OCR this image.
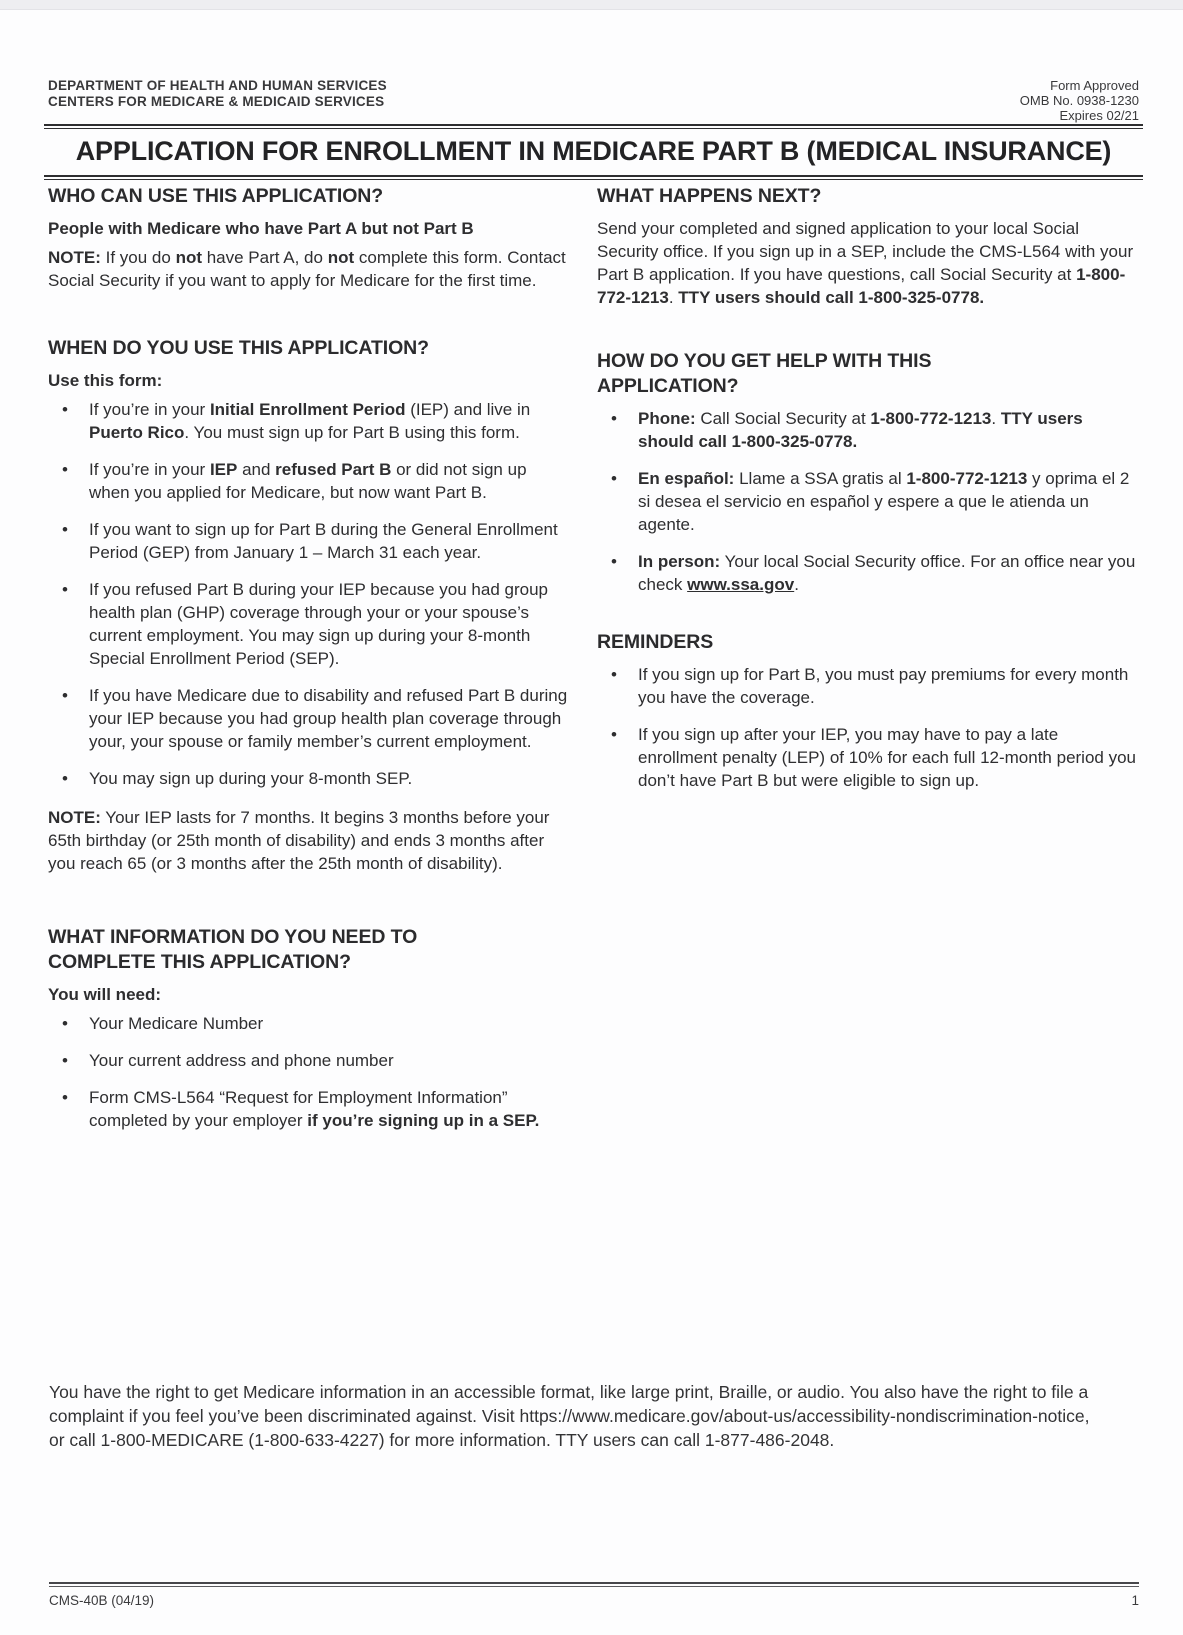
DEPARTMENT OF HEALTH AND HUMAN SERVICES
CENTERS FOR MEDICARE & MEDICAID SERVICES
Form Approved
OMB No. 0938-1230
Expires 02/21
APPLICATION FOR ENROLLMENT IN MEDICARE PART B (MEDICAL INSURANCE)
WHO CAN USE THIS APPLICATION?

People with Medicare who have Part A but not Part B

NOTE: If you do not have Part A, do not complete this form. Contact Social Security if you want to apply for Medicare for the first time.

WHEN DO YOU USE THIS APPLICATION?

Use this form:

• If you’re in your Initial Enrollment Period (IEP) and live in Puerto Rico. You must sign up for Part B using this form.
• If you’re in your IEP and refused Part B or did not sign up when you applied for Medicare, but now want Part B.
• If you want to sign up for Part B during the General Enrollment Period (GEP) from January 1 – March 31 each year.
• If you refused Part B during your IEP because you had group health plan (GHP) coverage through your or your spouse’s current employment. You may sign up during your 8-month Special Enrollment Period (SEP).
• If you have Medicare due to disability and refused Part B during your IEP because you had group health plan coverage through your, your spouse or family member’s current employment.
• You may sign up during your 8-month SEP.

NOTE: Your IEP lasts for 7 months. It begins 3 months before your 65th birthday (or 25th month of disability) and ends 3 months after you reach 65 (or 3 months after the 25th month of disability).

WHAT INFORMATION DO YOU NEED TO COMPLETE THIS APPLICATION?

You will need:

• Your Medicare Number
• Your current address and phone number
• Form CMS-L564 “Request for Employment Information” completed by your employer if you’re signing up in a SEP.
WHAT HAPPENS NEXT?

Send your completed and signed application to your local Social Security office. If you sign up in a SEP, include the CMS-L564 with your Part B application. If you have questions, call Social Security at 1-800-772-1213. TTY users should call 1-800-325-0778.

HOW DO YOU GET HELP WITH THIS APPLICATION?
• Phone: Call Social Security at 1-800-772-1213. TTY users should call 1-800-325-0778.
• En español: Llame a SSA gratis al 1-800-772-1213 y oprima el 2 si desea el servicio en español y espere a que le atienda un agente.
• In person: Your local Social Security office. For an office near you check www.ssa.gov.
REMINDERS
• If you sign up for Part B, you must pay premiums for every month you have the coverage.
• If you sign up after your IEP, you may have to pay a late enrollment penalty (LEP) of 10% for each full 12-month period you don’t have Part B but were eligible to sign up.
You have the right to get Medicare information in an accessible format, like large print, Braille, or audio. You also have the right to file a complaint if you feel you’ve been discriminated against. Visit https://www.medicare.gov/about-us/accessibility-nondiscrimination-notice, or call 1-800-MEDICARE (1-800-633-4227) for more information. TTY users can call 1-877-486-2048.
CMS-40B (04/19)	1
